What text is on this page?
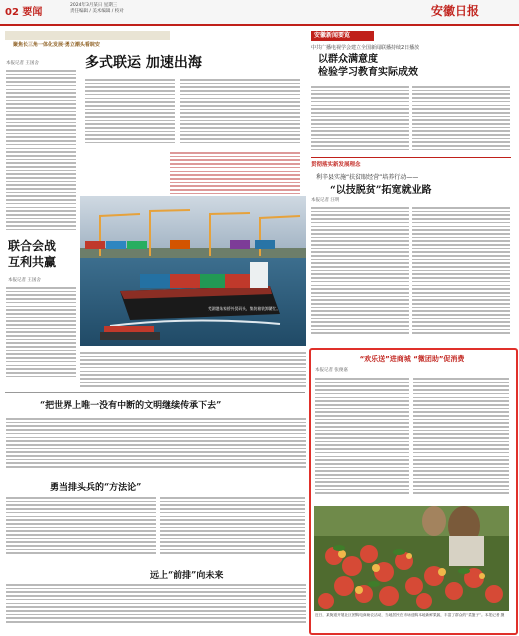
02 要闻
2024年3月某日 星期三
责任编辑 / 美术编辑 / 校对	安徽日报
聚焦长三角一体化发展·勇立潮头看皖安
多式联运 加速出海
本报记者 王国舍
芜湖港朱家桥外贸码头，集装箱装卸繁忙。
联合会战
互利共赢
本报记者 王国舍
安徽新闻要览
中共广播电视学会建立全国新闻联播持续2日播放
以群众满意度
检验学习教育实际成效
贯彻落实新发展理念
利辛县实施“扶贫眼经营”培养行动——
“以技脱贫”拓宽就业路
本报记者 汪明
“把世界上唯一没有中断的文明继续传承下去”
勇当排头兵的“方法论”
远上“前排”向未来
“欢乐送”进商城 “微团助”促消费
本报记者 张俊嘉
近日，某街道开展社区团购电商助农活动，当地居民在市场选购本地新鲜果蔬，丰富了群众的“菜篮子”。本报记者 摄
